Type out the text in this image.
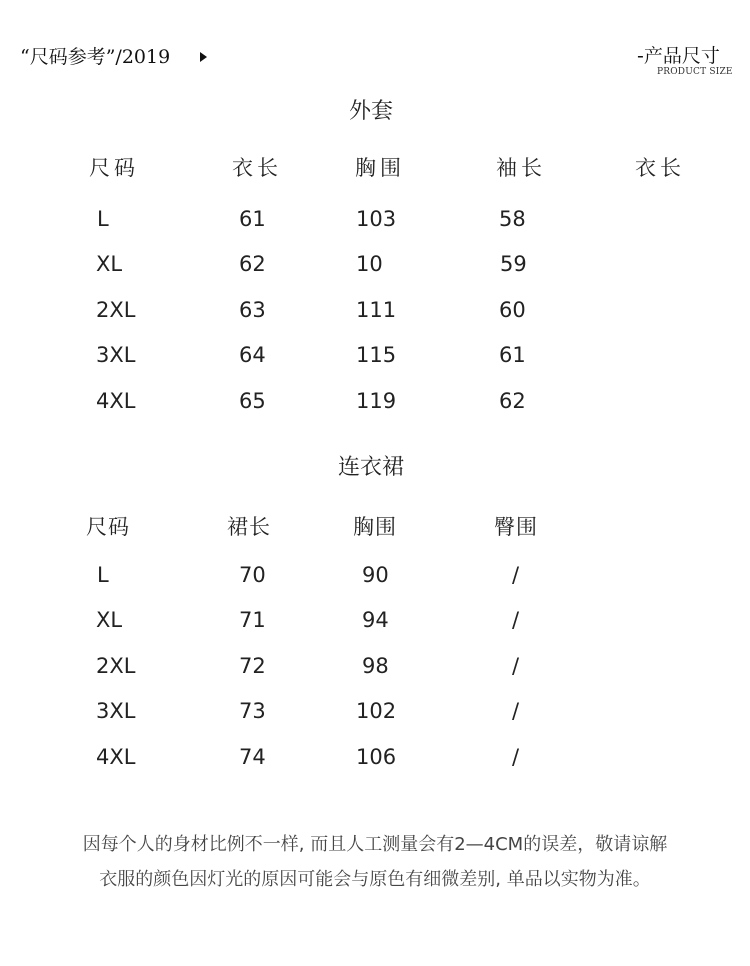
“尺码参考”/2019	-产品尺寸
PRODUCT SIZE
外套
尺码	衣长	胸围	袖长	衣长
L	61	103	58
XL	62	10	59
2XL	63	111	60
3XL	64	115	61
4XL	65	119	62
连衣裙
尺码	裙长	胸围	臀围
L	70	90	/
XL	71	94	/
2XL	72	98	/
3XL	73	102	/
4XL	74	106	/
因每个人的身材比例不一样, 而且人工测量会有2—4CM的误差，敬请谅解
衣服的颜色因灯光的原因可能会与原色有细微差别, 单品以实物为准。
